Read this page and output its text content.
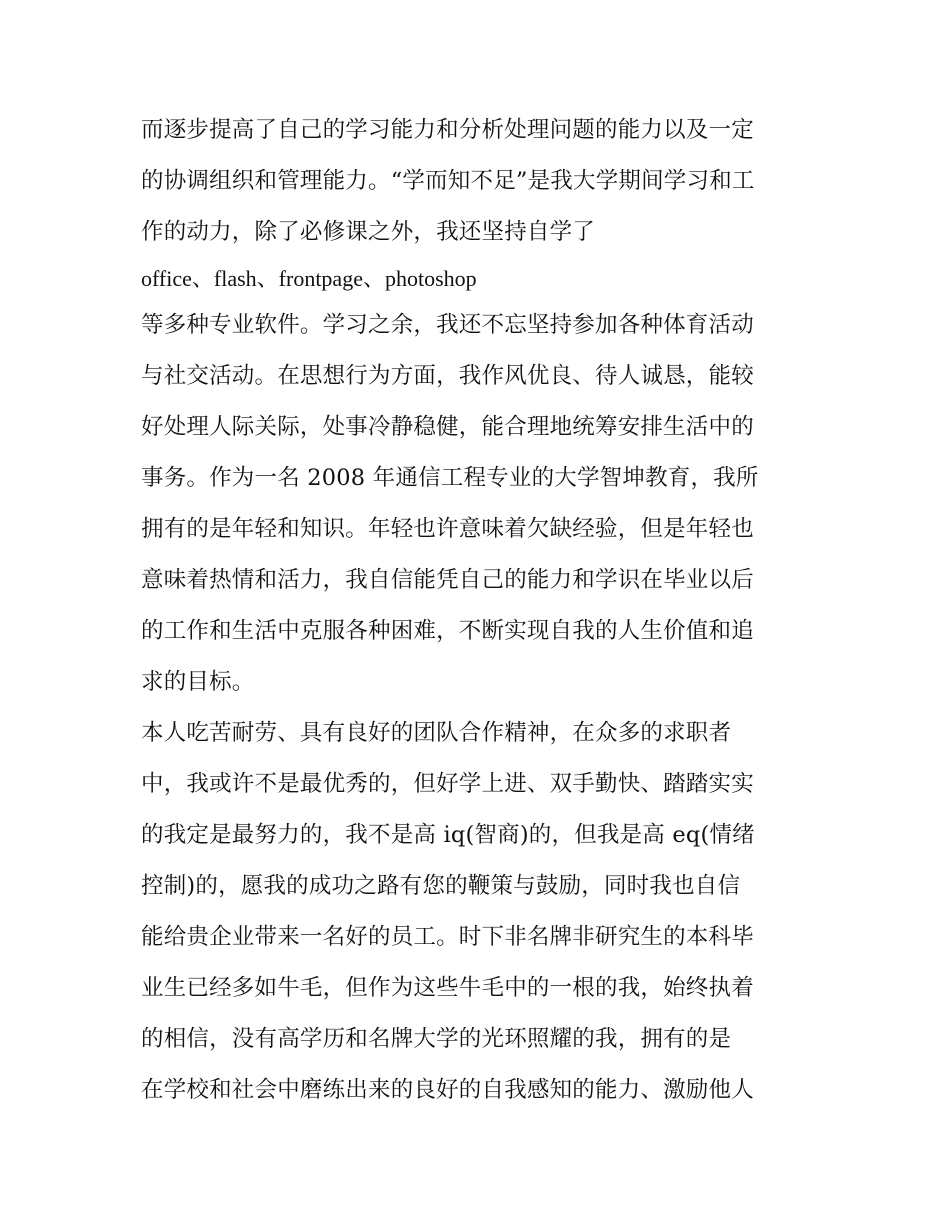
而逐步提高了自己的学习能力和分析处理问题的能力以及一定
的协调组织和管理能力。“学而知不足”是我大学期间学习和工
作的动力，除了必修课之外，我还坚持自学了
office、flash、frontpage、photoshop
等多种专业软件。学习之余，我还不忘坚持参加各种体育活动
与社交活动。在思想行为方面，我作风优良、待人诚恳，能较
好处理人际关际，处事冷静稳健，能合理地统筹安排生活中的
事务。作为一名 2008 年通信工程专业的大学智坤教育，我所
拥有的是年轻和知识。年轻也许意味着欠缺经验，但是年轻也
意味着热情和活力，我自信能凭自己的能力和学识在毕业以后
的工作和生活中克服各种困难，不断实现自我的人生价值和追
求的目标。
本人吃苦耐劳、具有良好的团队合作精神，在众多的求职者
中，我或许不是最优秀的，但好学上进、双手勤快、踏踏实实
的我定是最努力的，我不是高 iq(智商)的，但我是高 eq(情绪
控制)的，愿我的成功之路有您的鞭策与鼓励，同时我也自信
能给贵企业带来一名好的员工。时下非名牌非研究生的本科毕
业生已经多如牛毛，但作为这些牛毛中的一根的我，始终执着
的相信，没有高学历和名牌大学的光环照耀的我，拥有的是
在学校和社会中磨练出来的良好的自我感知的能力、激励他人
